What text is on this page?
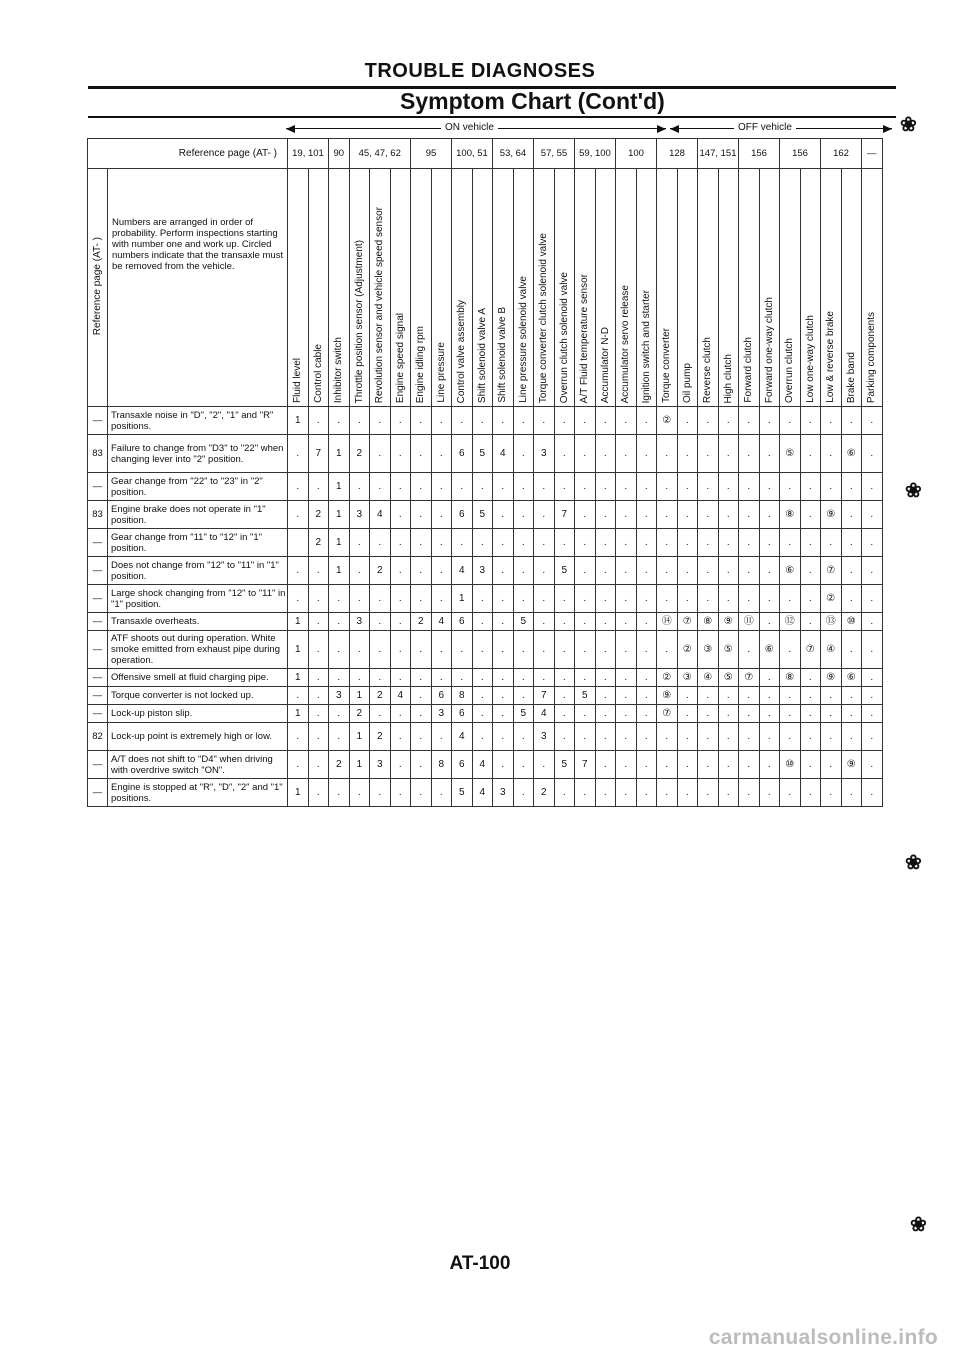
TROUBLE DIAGNOSES
Symptom Chart (Cont'd)
ON vehicle	OFF vehicle
Reference page (AT- )		19, 101		90	45, 47, 62			95		100, 51		53, 64		57, 55		59, 100		100		128		147, 151		156		156		162		—
Reference page (AT- )	Numbers are arranged in order of probability. Perform inspections starting with number one and work up. Circled numbers indicate that the transaxle must be removed from the vehicle.	Fluid level	Control cable	Inhibitor switch	Throttle position sensor (Adjustment)	Revolution sensor and vehicle speed sensor	Engine speed signal	Engine idling rpm	Line pressure	Control valve assembly	Shift solenoid valve A	Shift solenoid valve B	Line pressure solenoid valve	Torque converter clutch solenoid valve	Overrun clutch solenoid valve	A/T Fluid temperature sensor	Accumulator N-D	Accumulator servo release	Ignition switch and starter	Torque converter	Oil pump	Reverse clutch	High clutch	Forward clutch	Forward one-way clutch	Overrun clutch	Low one-way clutch	Low & reverse brake	Brake band	Parking components
—	Transaxle noise in "D", "2", "1" and "R" positions.	1	.	.	.	.	.	.	.	.	.	.	.	.	.	.	.	.	.	②	.	.	.	.	.	.	.	.	.	.
83	Failure to change from "D3" to "22" when changing lever into "2" position.	.	7	1	2	.	.	.	.	6	5	4	.	3	.	.	.	.	.	.	.	.	.	.	.	⑤	.	.	⑥	.
—	Gear change from "22" to "23" in "2" position.	.	.	1	.	.	.	.	.	.	.	.	.	.	.	.	.	.	.	.	.	.	.	.	.	.	.	.	.	.
83	Engine brake does not operate in "1" position.	.	2	1	3	4	.	.	.	6	5	.	.	.	7	.	.	.	.	.	.	.	.	.	.	⑧	.	⑨	.	.
—	Gear change from "11" to "12" in "1" position.		2	1	.	.	.	.	.	.	.	.	.	.	.	.	.	.	.	.	.	.	.	.	.	.	.	.	.	.
—	Does not change from "12" to "11" in "1" position.	.	.	1	.	2	.	.	.	4	3	.	.	.	5	.	.	.	.	.	.	.	.	.	.	⑥	.	⑦	.	.
—	Large shock changing from "12" to "11" in "1" position.	.	.	.	.	.	.	.	.	1	.	.	.	.	.	.	.	.	.	.	.	.	.	.	.	.	.	②	.	.
—	Transaxle overheats.	1	.	.	3	.	.	2	4	6	.	.	5	.	.	.	.	.	.	⑭	⑦	⑧	⑨	⑪	.	⑫	.	⑬	⑩	.
—	ATF shoots out during operation. White smoke emitted from exhaust pipe during operation.	1	.	.	.	.	.	.	.	.	.	.	.	.	.	.	.	.	.	.	②	③	⑤	.	⑥	.	⑦	④	.	.
—	Offensive smell at fluid charging pipe.	1	.	.	.	.	.	.	.	.	.	.	.	.	.	.	.	.	.	②	③	④	⑤	⑦	.	⑧	.	⑨	⑥	.
—	Torque converter is not locked up.	.	.	3	1	2	4	.	6	8	.	.	.	7	.	5	.	.	.	⑨	.	.	.	.	.	.	.	.	.	.
—	Lock-up piston slip.	1	.	.	2	.	.	.	3	6	.	.	5	4	.	.	.	.	.	⑦	.	.	.	.	.	.	.	.	.	.
82	Lock-up point is extremely high or low.	.	.	.	1	2	.	.	.	4	.	.	.	3	.	.	.	.	.	.	.	.	.	.	.	.	.	.	.	.
—	A/T does not shift to "D4" when driving with overdrive switch "ON".	.	.	2	1	3	.	.	8	6	4	.	.	.	5	7	.	.	.	.	.	.	.	.	.	⑩	.	.	⑨	.
—	Engine is stopped at "R", "D", "2" and "1" positions.	1	.	.	.	.	.	.	.	5	4	3	.	2	.	.	.	.	.	.	.	.	.	.	.	.	.	.	.	.
AT-100
carmanualsonline.info
❀
❀
❀
❀
